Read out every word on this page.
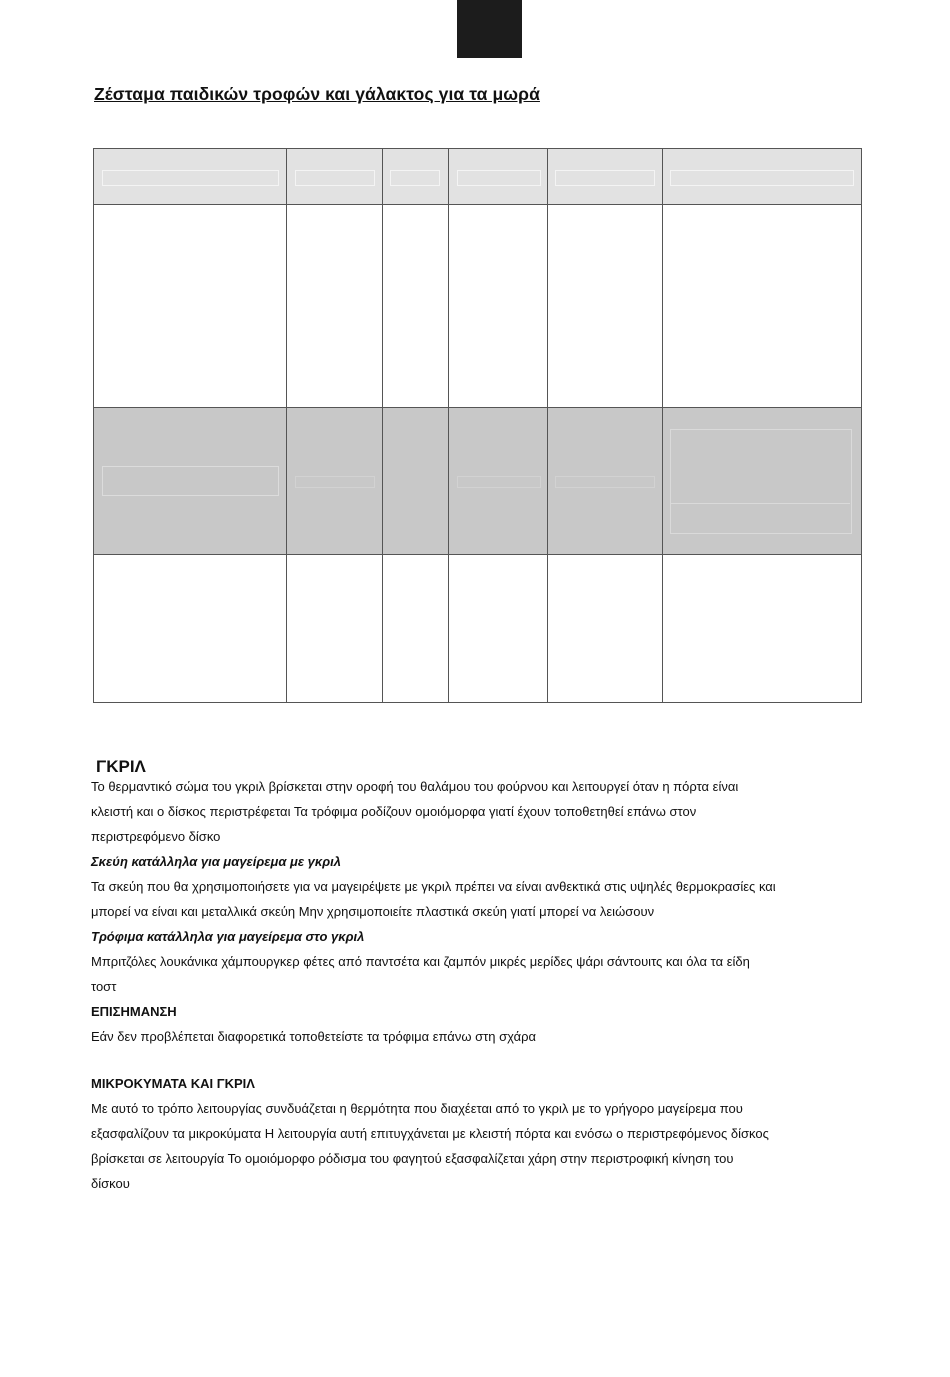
Ζέσταμα παιδικών τροφών και γάλακτος για τα μωρά

ΓΚΡΙΛ

Το θερμαντικό σώμα του γκριλ βρίσκεται στην οροφή του θαλάμου του φούρνου και λειτουργεί όταν η πόρτα είναι

κλειστή και ο δίσκος περιστρέφεται Τα τρόφιμα ροδίζουν ομοιόμορφα γιατί έχουν τοποθετηθεί επάνω στον

περιστρεφόμενο δίσκο

Σκεύη κατάλληλα για μαγείρεμα με γκριλ

Τα σκεύη που θα χρησιμοποιήσετε για να μαγειρέψετε με γκριλ πρέπει να είναι ανθεκτικά στις υψηλές θερμοκρασίες και

μπορεί να είναι και μεταλλικά σκεύη Μην χρησιμοποιείτε πλαστικά σκεύη γιατί μπορεί να λειώσουν

Τρόφιμα κατάλληλα για μαγείρεμα στο γκριλ

Μπριτζόλες λουκάνικα χάμπουργκερ φέτες από παντσέτα και ζαμπόν μικρές μερίδες ψάρι σάντουιτς και όλα τα είδη

τοστ

ΕΠΙΣΗΜΑΝΣΗ

Εάν δεν προβλέπεται διαφορετικά τοποθετείστε τα τρόφιμα επάνω στη σχάρα

ΜΙΚΡΟΚΥΜΑΤΑ ΚΑΙ ΓΚΡΙΛ

Με αυτό το τρόπο λειτουργίας συνδυάζεται η θερμότητα που διαχέεται από το γκριλ με το γρήγορο μαγείρεμα που

εξασφαλίζουν τα μικροκύματα Η λειτουργία αυτή επιτυγχάνεται με κλειστή πόρτα και ενόσω ο περιστρεφόμενος δίσκος

βρίσκεται σε λειτουργία Το ομοιόμορφο ρόδισμα του φαγητού εξασφαλίζεται χάρη στην περιστροφική κίνηση του

δίσκου
